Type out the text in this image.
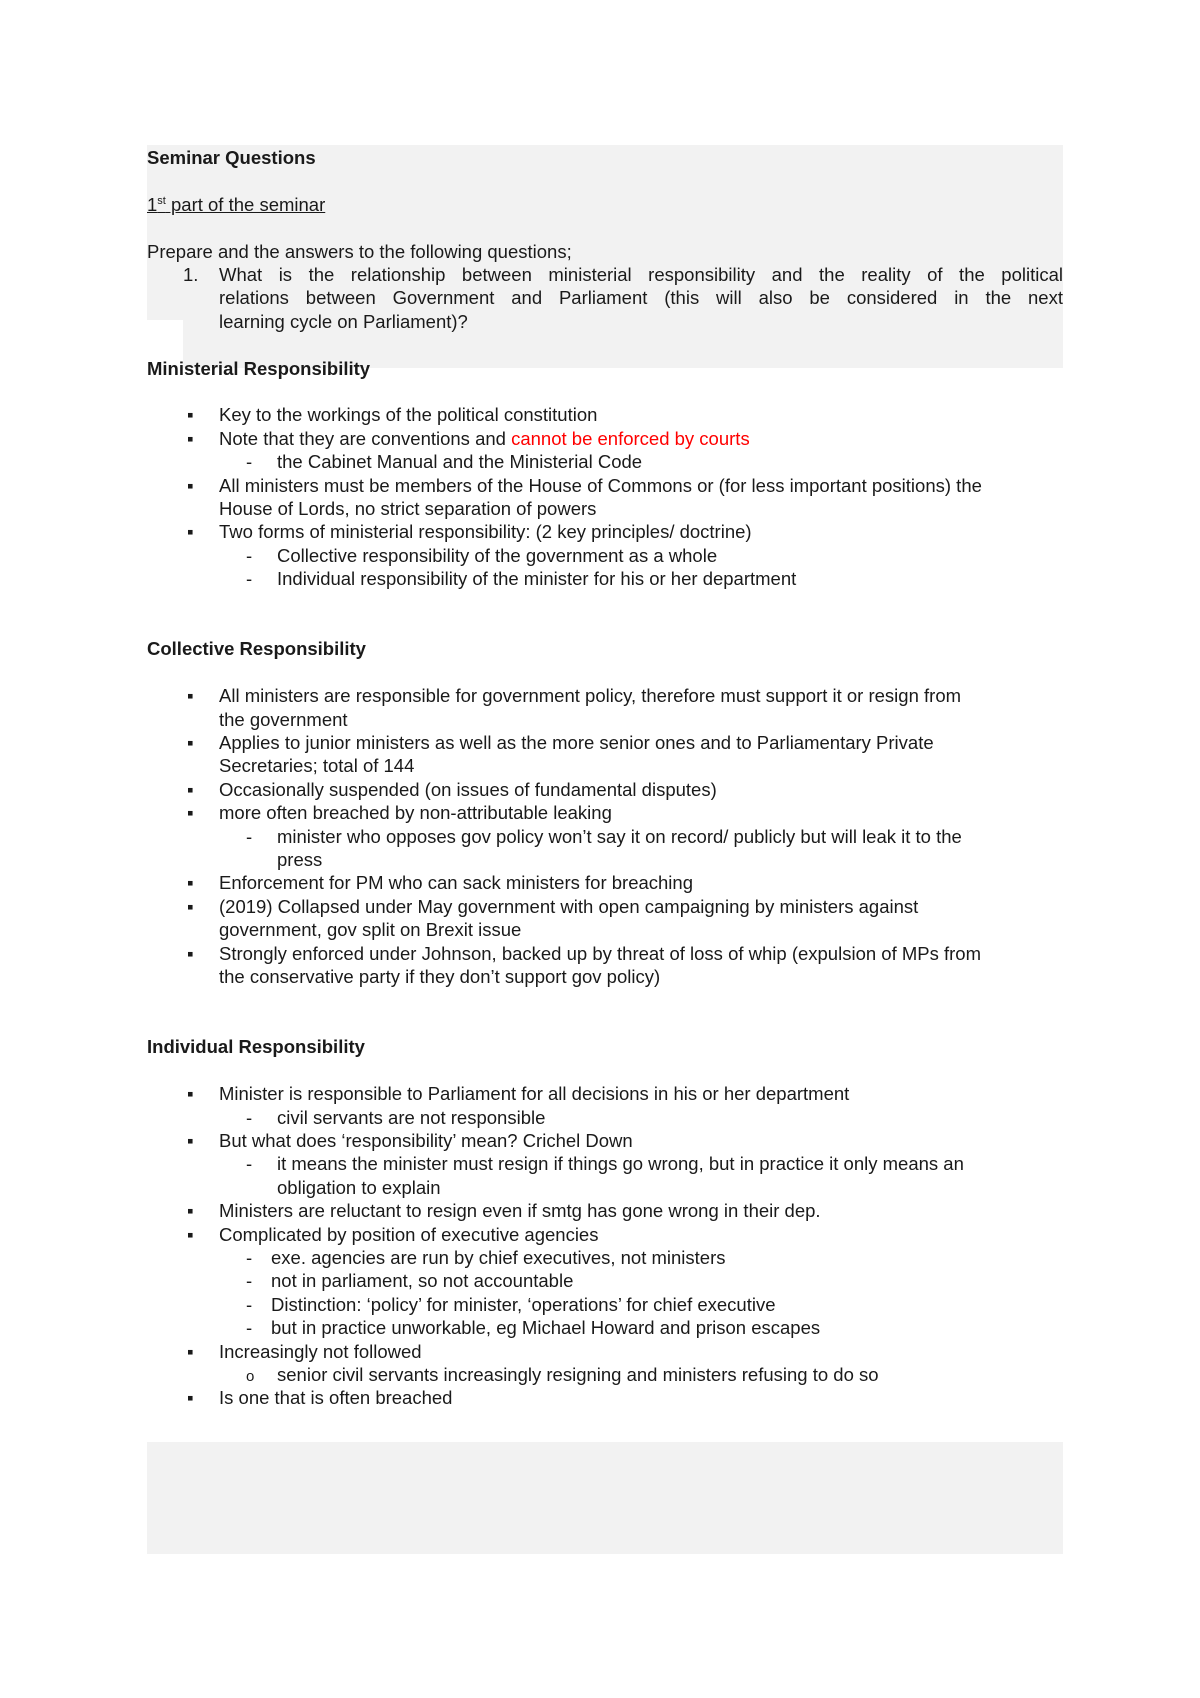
Seminar Questions
1st part of the seminar
Prepare and the answers to the following questions;
1. What is the relationship between ministerial responsibility and the reality of the political
relations between Government and Parliament (this will also be considered in the next
learning cycle on Parliament)?
Ministerial Responsibility
▪ Key to the workings of the political constitution
▪ Note that they are conventions and cannot be enforced by courts
- the Cabinet Manual and the Ministerial Code
▪ All ministers must be members of the House of Commons or (for less important positions) the
House of Lords, no strict separation of powers
▪ Two forms of ministerial responsibility: (2 key principles/ doctrine)
- Collective responsibility of the government as a whole
- Individual responsibility of the minister for his or her department
Collective Responsibility
▪ All ministers are responsible for government policy, therefore must support it or resign from
the government
▪ Applies to junior ministers as well as the more senior ones and to Parliamentary Private
Secretaries; total of 144
▪ Occasionally suspended (on issues of fundamental disputes)
▪ more often breached by non-attributable leaking
- minister who opposes gov policy won’t say it on record/ publicly but will leak it to the
press
▪ Enforcement for PM who can sack ministers for breaching
▪ (2019) Collapsed under May government with open campaigning by ministers against
government, gov split on Brexit issue
▪ Strongly enforced under Johnson, backed up by threat of loss of whip (expulsion of MPs from
the conservative party if they don’t support gov policy)
Individual Responsibility
▪ Minister is responsible to Parliament for all decisions in his or her department
- civil servants are not responsible
▪ But what does ‘responsibility’ mean? Crichel Down
- it means the minister must resign if things go wrong, but in practice it only means an
obligation to explain
▪ Ministers are reluctant to resign even if smtg has gone wrong in their dep.
▪ Complicated by position of executive agencies
- exe. agencies are run by chief executives, not ministers
- not in parliament, so not accountable
- Distinction: ‘policy’ for minister, ‘operations’ for chief executive
- but in practice unworkable, eg Michael Howard and prison escapes
▪ Increasingly not followed
o senior civil servants increasingly resigning and ministers refusing to do so
▪ Is one that is often breached
